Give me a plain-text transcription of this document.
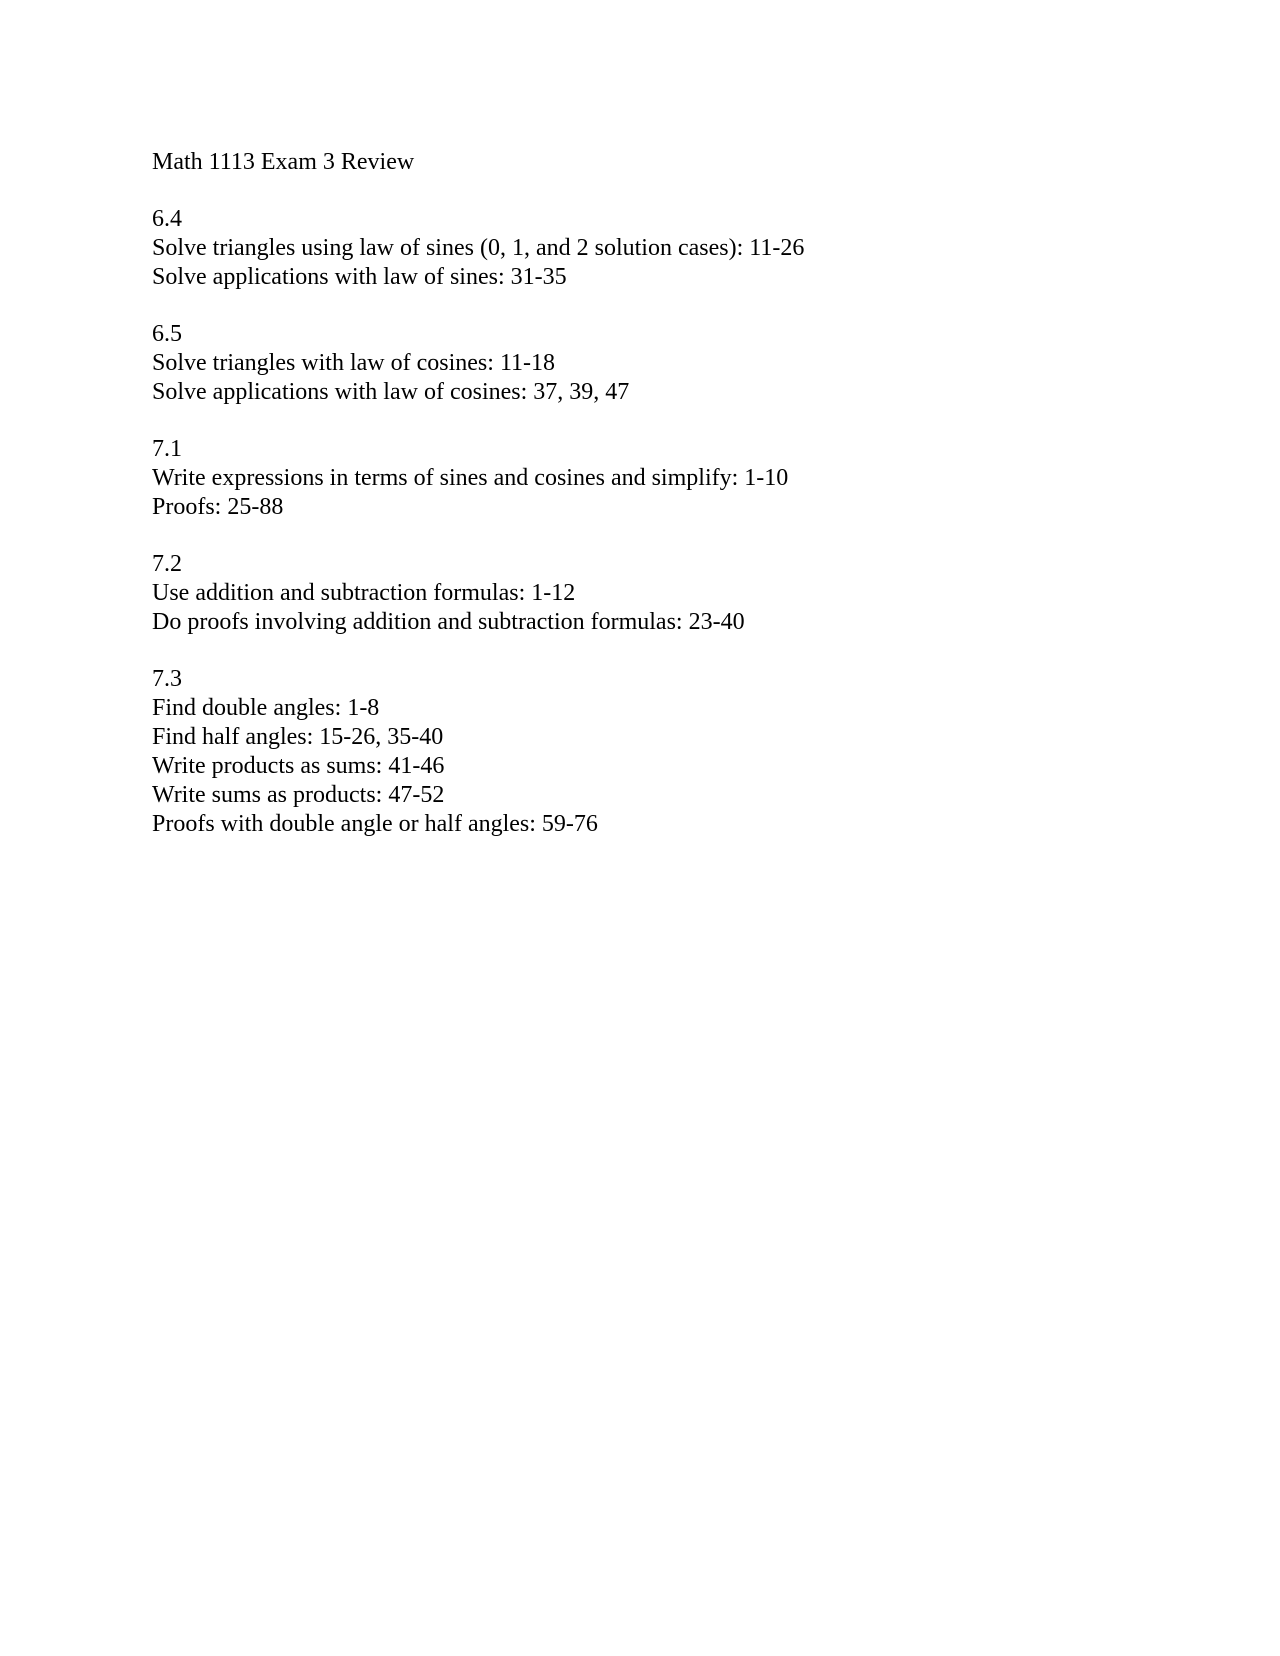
Math 1113 Exam 3 Review

6.4

Solve triangles using law of sines (0, 1, and 2 solution cases): 11-26

Solve applications with law of sines: 31-35

6.5

Solve triangles with law of cosines: 11-18

Solve applications with law of cosines: 37, 39, 47

7.1

Write expressions in terms of sines and cosines and simplify: 1-10

Proofs: 25-88

7.2

Use addition and subtraction formulas: 1-12

Do proofs involving addition and subtraction formulas: 23-40

7.3

Find double angles: 1-8

Find half angles: 15-26, 35-40

Write products as sums: 41-46

Write sums as products: 47-52

Proofs with double angle or half angles: 59-76
